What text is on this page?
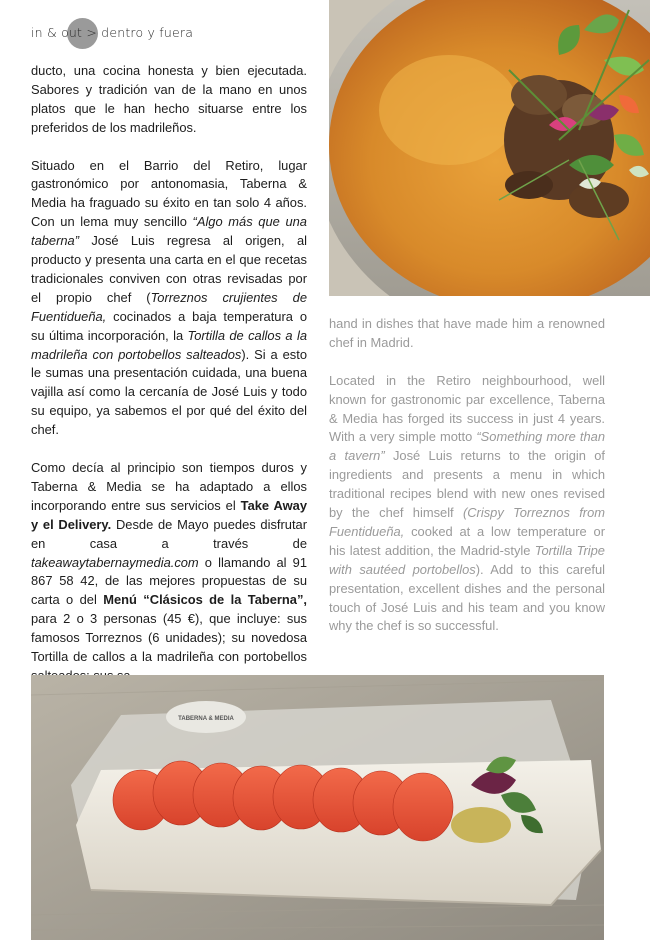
in & out > dentro y fuera

ducto, una cocina honesta y bien ejecutada. Sabores y tradición van de la mano en unos platos que le han hecho situarse entre los preferidos de los madrileños.

Situado en el Barrio del Retiro, lugar gastronómico por antonomasia, Taberna & Media ha fraguado su éxito en tan solo 4 años. Con un lema muy sencillo “Algo más que una taberna” José Luis regresa al origen, al producto y presenta una carta en el que recetas tradicionales conviven con otras revisadas por el propio chef (Torreznos crujientes de Fuentidueña, cocinados a baja temperatura o su última incorporación, la Tortilla de callos a la madrileña con portobellos salteados). Si a esto le sumas una presentación cuidada, una buena vajilla así como la cercanía de José Luis y todo su equipo, ya sabemos el por qué del éxito del chef.

Como decía al principio son tiempos duros y Taberna & Media se ha adaptado a ellos incorporando entre sus servicios el Take Away y el Delivery. Desde de Mayo puedes disfrutar en casa a través de takeawaytabernaymedia.com o llamando al 91 867 58 42, de las mejores propuestas de su carta o del Menú “Clásicos de la Taberna”, para 2 o 3 personas (45 €), que incluye: sus famosos Torreznos (6 unidades); su novedosa Tortilla de callos a la madrileña con portobellos

hand in dishes that have made him a renowned chef in Madrid.

Located in the Retiro neighbourhood, well known for gastronomic par excellence, Taberna & Media has forged its success in just 4 years. With a very simple motto “Something more than a tavern” José Luis returns to the origin of ingredients and presents a menu in which traditional recipes blend with new ones revised by the chef himself (Crispy Torreznos from Fuentidueña, cooked at a low temperature or his latest addition, the Madrid-style Tortilla Tripe with sautéed portobellos). Add to this careful presentation, excellent dishes and the personal touch of José Luis and his team and you know why the chef is so successful.

TABERNA & MEDIA
